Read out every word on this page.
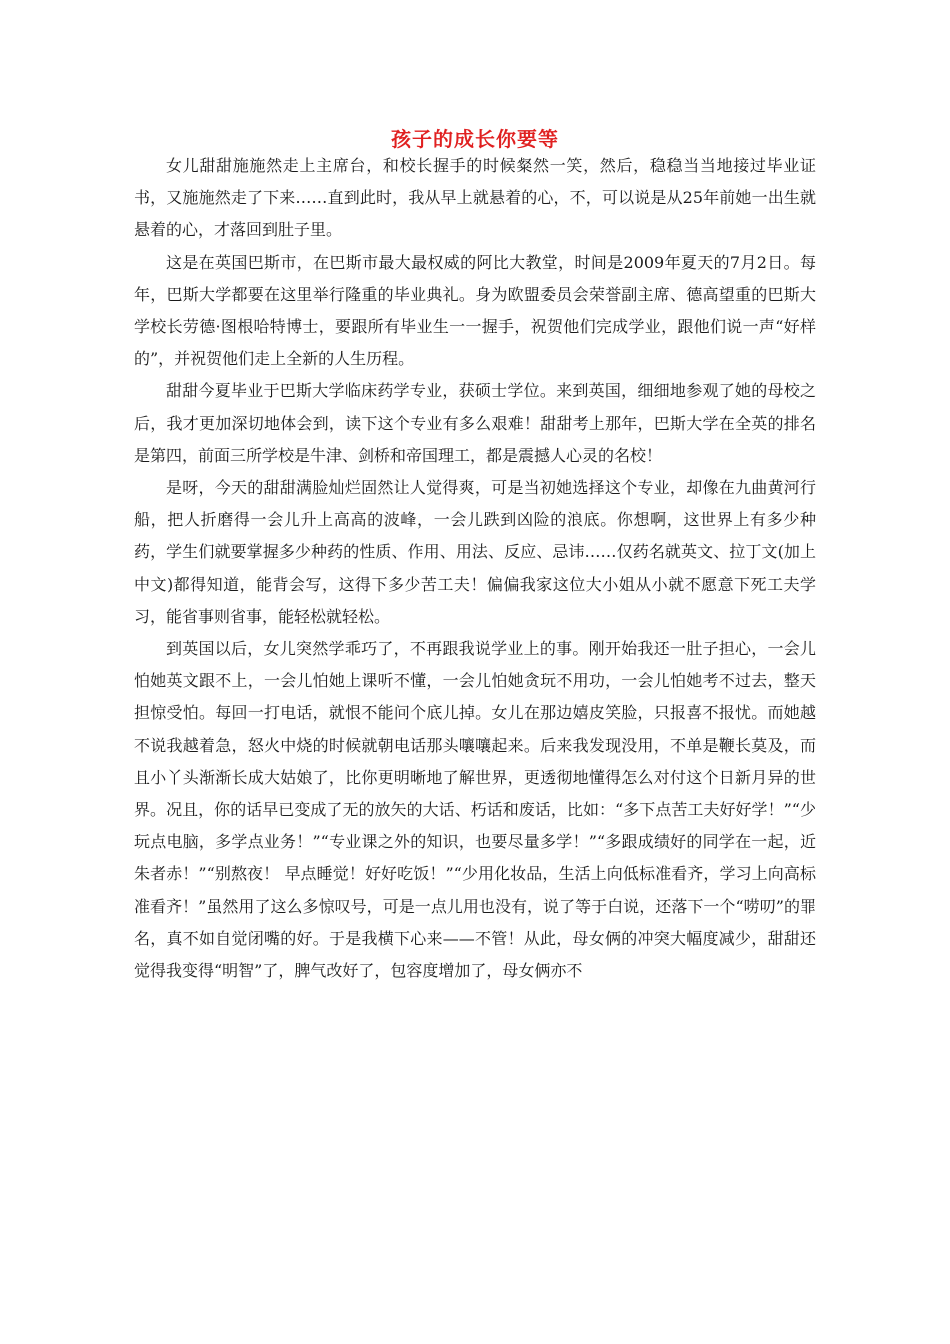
孩子的成长你要等

女儿甜甜施施然走上主席台，和校长握手的时候粲然一笑，然后，稳稳当当地接过毕业证书，又施施然走了下来……直到此时，我从早上就悬着的心，不，可以说是从25年前她一出生就悬着的心，才落回到肚子里。

这是在英国巴斯市，在巴斯市最大最权威的阿比大教堂，时间是2009年夏天的7月2日。每年，巴斯大学都要在这里举行隆重的毕业典礼。身为欧盟委员会荣誉副主席、德高望重的巴斯大学校长劳德·图根哈特博士，要跟所有毕业生一一握手，祝贺他们完成学业，跟他们说一声“好样的”，并祝贺他们走上全新的人生历程。

甜甜今夏毕业于巴斯大学临床药学专业，获硕士学位。来到英国，细细地参观了她的母校之后，我才更加深切地体会到，读下这个专业有多么艰难！甜甜考上那年，巴斯大学在全英的排名是第四，前面三所学校是牛津、剑桥和帝国理工，都是震撼人心灵的名校！

是呀，今天的甜甜满脸灿烂固然让人觉得爽，可是当初她选择这个专业，却像在九曲黄河行船，把人折磨得一会儿升上高高的波峰，一会儿跌到凶险的浪底。你想啊，这世界上有多少种药，学生们就要掌握多少种药的性质、作用、用法、反应、忌讳……仅药名就英文、拉丁文(加上中文)都得知道，能背会写，这得下多少苦工夫！偏偏我家这位大小姐从小就不愿意下死工夫学习，能省事则省事，能轻松就轻松。

到英国以后，女儿突然学乖巧了，不再跟我说学业上的事。刚开始我还一肚子担心，一会儿怕她英文跟不上，一会儿怕她上课听不懂，一会儿怕她贪玩不用功，一会儿怕她考不过去，整天担惊受怕。每回一打电话，就恨不能问个底儿掉。女儿在那边嬉皮笑脸，只报喜不报忧。而她越不说我越着急，怒火中烧的时候就朝电话那头嚷嚷起来。后来我发现没用，不单是鞭长莫及，而且小丫头渐渐长成大姑娘了，比你更明晰地了解世界，更透彻地懂得怎么对付这个日新月异的世界。况且，你的话早已变成了无的放矢的大话、朽话和废话，比如：“多下点苦工夫好好学！”“少玩点电脑，多学点业务！”“专业课之外的知识，也要尽量多学！”“多跟成绩好的同学在一起，近朱者赤！”“别熬夜！ 早点睡觉！好好吃饭！”“少用化妆品，生活上向低标准看齐，学习上向高标准看齐！”虽然用了这么多惊叹号，可是一点儿用也没有，说了等于白说，还落下一个“唠叨”的罪名，真不如自觉闭嘴的好。于是我横下心来——不管！从此，母女俩的冲突大幅度减少，甜甜还觉得我变得“明智”了，脾气改好了，包容度增加了，母女俩亦不
